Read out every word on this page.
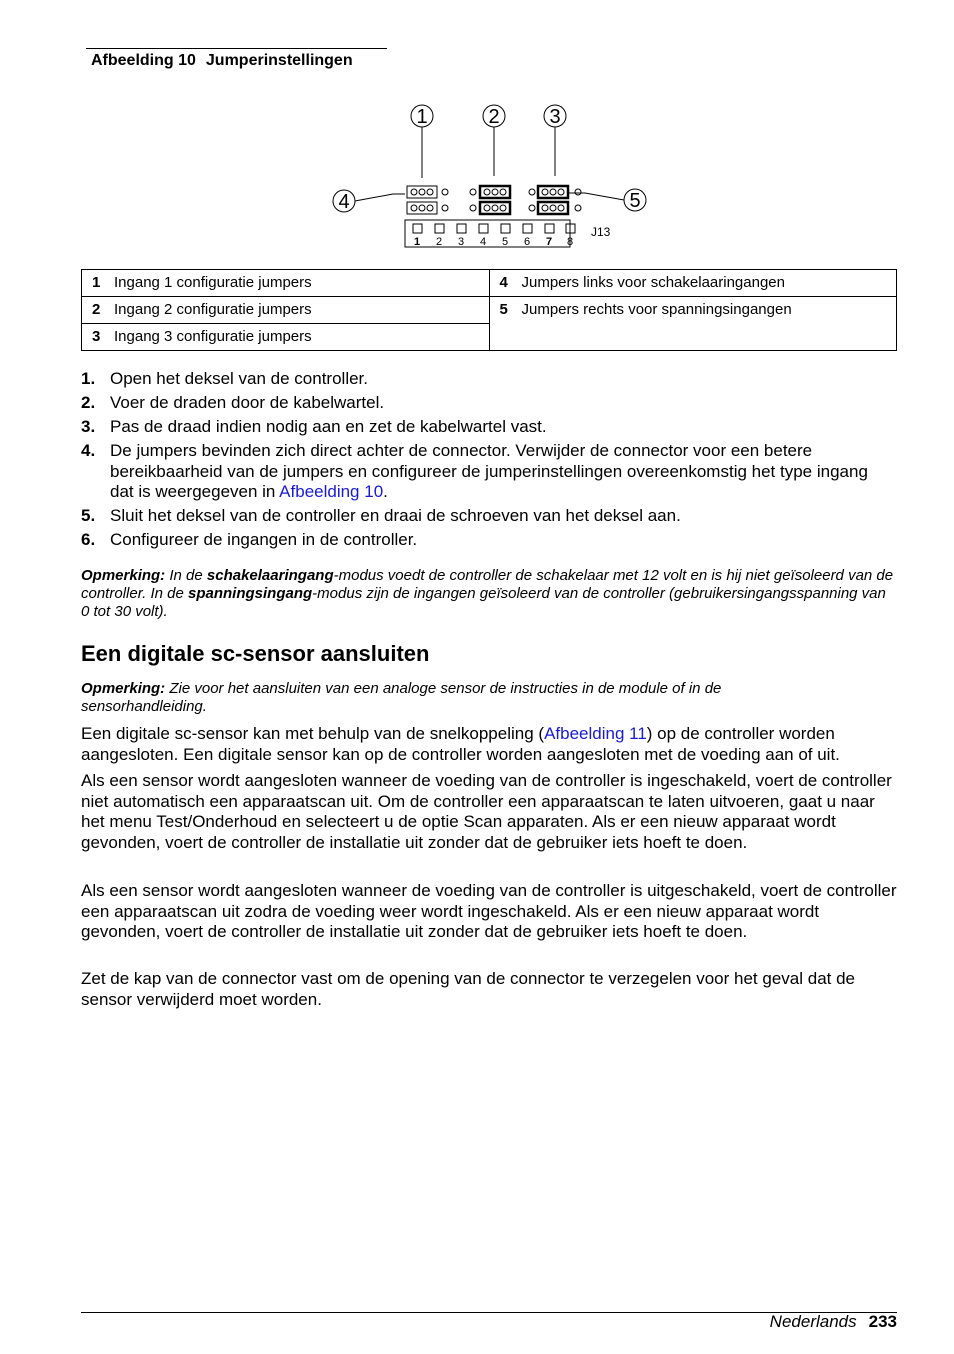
Afbeelding 10 Jumperinstellingen
1	2 3
4	5
1 2 3 4 5 6 7 8
J13
1 Ingang 1 configuratie jumpers	4 Jumpers links voor schakelaaringangen
2 Ingang 2 configuratie jumpers	5 Jumpers rechts voor spanningsingangen
3 Ingang 3 configuratie jumpers	
1. Open het deksel van de controller.
2. Voer de draden door de kabelwartel.
3. Pas de draad indien nodig aan en zet de kabelwartel vast.
4. De jumpers bevinden zich direct achter de connector. Verwijder de connector voor een betere bereikbaarheid van de jumpers en configureer de jumperinstellingen overeenkomstig het type ingang dat is weergegeven in Afbeelding 10.
5. Sluit het deksel van de controller en draai de schroeven van het deksel aan.
6. Configureer de ingangen in de controller.
Opmerking: In de schakelaaringang-modus voedt de controller de schakelaar met 12 volt en is hij niet geïsoleerd van de controller. In de spanningsingang-modus zijn de ingangen geïsoleerd van de controller (gebruikersingangsspanning van 0 tot 30 volt).
Een digitale sc-sensor aansluiten
Opmerking: Zie voor het aansluiten van een analoge sensor de instructies in de module of in de sensorhandleiding.

Een digitale sc-sensor kan met behulp van de snelkoppeling (Afbeelding 11) op de controller worden aangesloten. Een digitale sensor kan op de controller worden aangesloten met de voeding aan of uit.

Als een sensor wordt aangesloten wanneer de voeding van de controller is ingeschakeld, voert de controller niet automatisch een apparaatscan uit. Om de controller een apparaatscan te laten uitvoeren, gaat u naar het menu Test/Onderhoud en selecteert u de optie Scan apparaten. Als er een nieuw apparaat wordt gevonden, voert de controller de installatie uit zonder dat de gebruiker iets hoeft te doen.

Als een sensor wordt aangesloten wanneer de voeding van de controller is uitgeschakeld, voert de controller een apparaatscan uit zodra de voeding weer wordt ingeschakeld. Als er een nieuw apparaat wordt gevonden, voert de controller de installatie uit zonder dat de gebruiker iets hoeft te doen.

Zet de kap van de connector vast om de opening van de connector te verzegelen voor het geval dat de sensor verwijderd moet worden.

Nederlands 233
